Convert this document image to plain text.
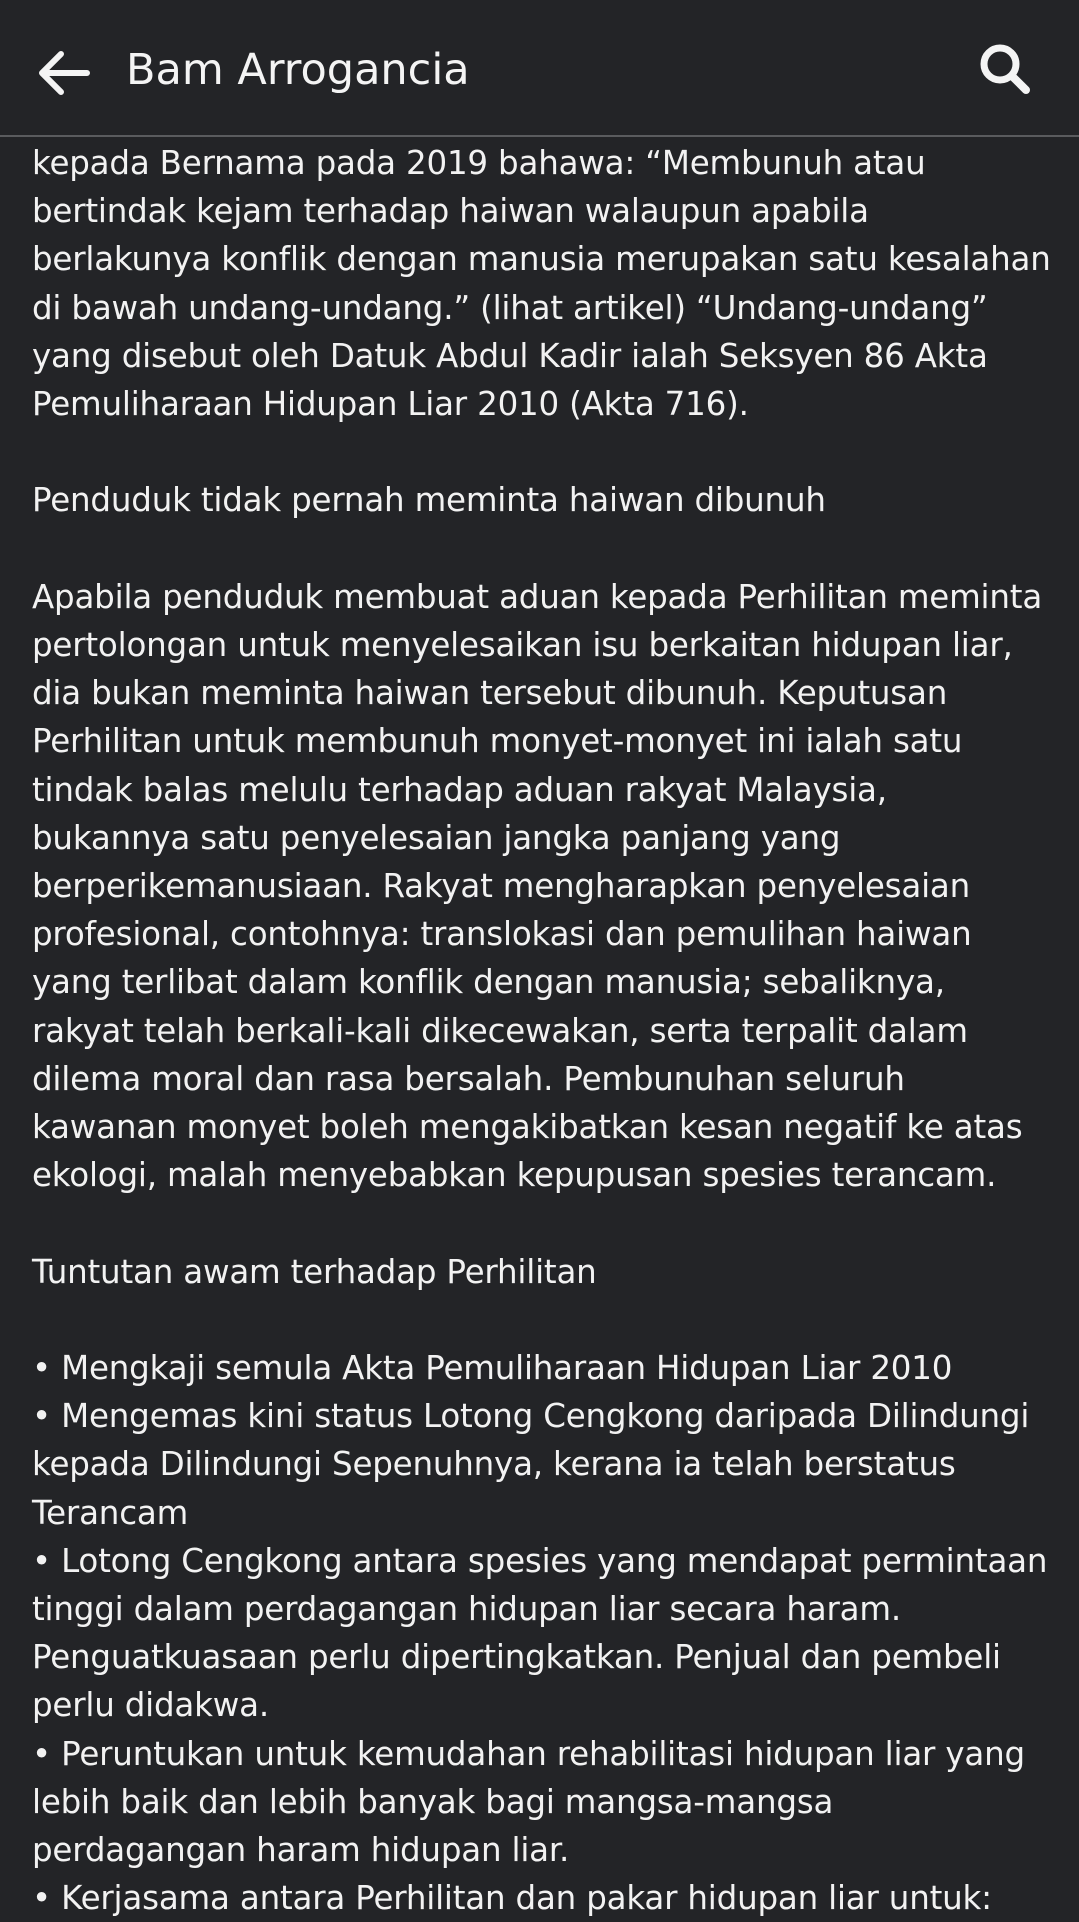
Bam Arrogancia

kepada Bernama pada 2019 bahawa: “Membunuh atau bertindak kejam terhadap haiwan walaupun apabila berlakunya konflik dengan manusia merupakan satu kesalahan di bawah undang-undang.” (lihat artikel) “Undang-undang” yang disebut oleh Datuk Abdul Kadir ialah Seksyen 86 Akta Pemuliharaan Hidupan Liar 2010 (Akta 716).

Penduduk tidak pernah meminta haiwan dibunuh

Apabila penduduk membuat aduan kepada Perhilitan meminta pertolongan untuk menyelesaikan isu berkaitan hidupan liar, dia bukan meminta haiwan tersebut dibunuh. Keputusan Perhilitan untuk membunuh monyet-monyet ini ialah satu tindak balas melulu terhadap aduan rakyat Malaysia, bukannya satu penyelesaian jangka panjang yang berperikemanusiaan. Rakyat mengharapkan penyelesaian profesional, contohnya: translokasi dan pemulihan haiwan yang terlibat dalam konflik dengan manusia; sebaliknya, rakyat telah berkali-kali dikecewakan, serta terpalit dalam dilema moral dan rasa bersalah. Pembunuhan seluruh kawanan monyet boleh mengakibatkan kesan negatif ke atas ekologi, malah menyebabkan kepupusan spesies terancam.

Tuntutan awam terhadap Perhilitan

• Mengkaji semula Akta Pemuliharaan Hidupan Liar 2010

• Mengemas kini status Lotong Cengkong daripada Dilindungi kepada Dilindungi Sepenuhnya, kerana ia telah berstatus Terancam

• Lotong Cengkong antara spesies yang mendapat permintaan tinggi dalam perdagangan hidupan liar secara haram. Penguatkuasaan perlu dipertingkatkan. Penjual dan pembeli perlu didakwa.

• Peruntukan untuk kemudahan rehabilitasi hidupan liar yang lebih baik dan lebih banyak bagi mangsa-mangsa perdagangan haram hidupan liar.

• Kerjasama antara Perhilitan dan pakar hidupan liar untuk:
